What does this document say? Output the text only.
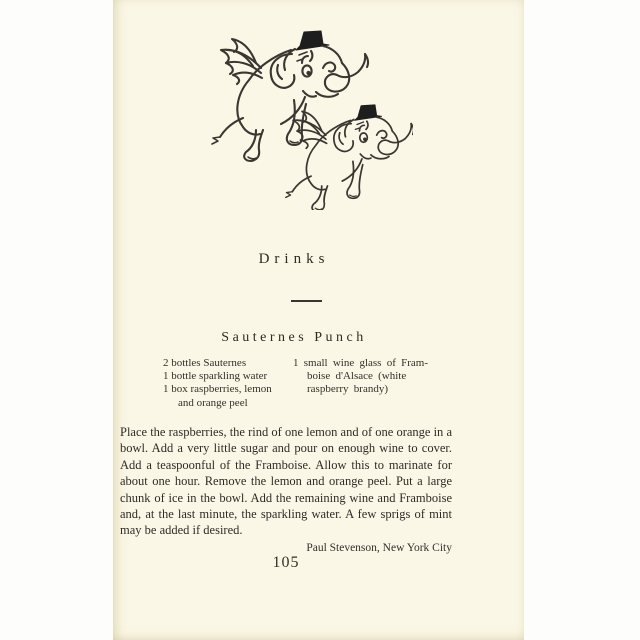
Drinks
Sauternes Punch
2 bottles Sauternes
1 bottle sparkling water
1 box raspberries, lemon
and orange peel
1 small wine glass of Fram-
boise d'Alsace (white
raspberry brandy)

Place the raspberries, the rind of one lemon and of one orange in a bowl. Add a very little sugar and pour on enough wine to cover. Add a teaspoonful of the Framboise. Allow this to marinate for about one hour. Remove the lemon and orange peel. Put a large chunk of ice in the bowl. Add the remaining wine and Framboise and, at the last minute, the sparkling water. A few sprigs of mint may be added if desired.

Paul Stevenson, New York City
105
